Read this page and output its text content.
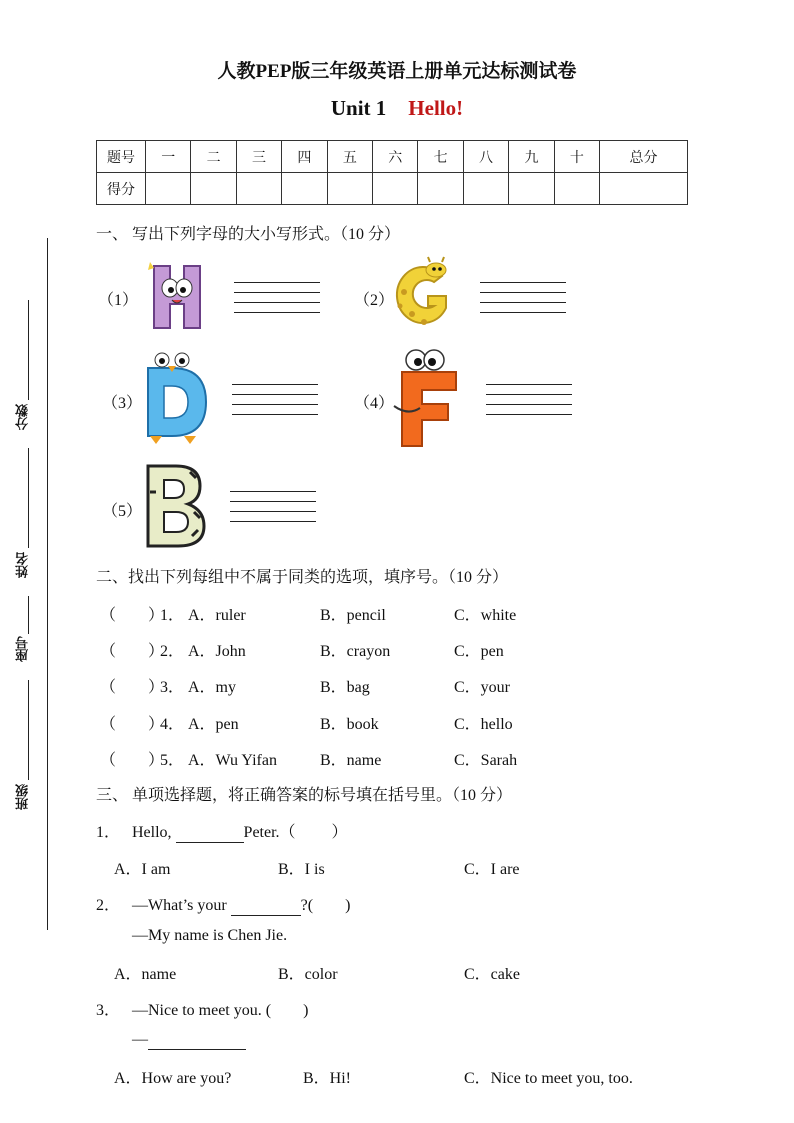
人教PEP版三年级英语上册单元达标测试卷
Unit 1 Hello!
题号	一	二	三	四	五	六	七	八	九	十	总分
得分											
分数
姓名
座号
班级
一、 写出下列字母的大小写形式。（10 分）
（1）	（2）
（3）	（4）
（5）
二、找出下列每组中不属于同类的选项，填序号。（10 分）
（　　）
1． A．ruler	B．pencil	C．white
（　　）
2． A．John	B．crayon	C．pen
（　　）
3． A．my	B．bag	C．your
（　　）
4． A．pen	B．book	C．hello
（　　）
5． A．Wu Yifan	B．name	C．Sarah
三、 单项选择题，将正确答案的标号填在括号里。（10 分）
1． Hello,	Peter.（　　 ）
A．I am	B．I is	C．I are
2． —What’s your	?(　　)
—My name is Chen Jie.
A．name	B．color	C．cake
3． —Nice to meet you. (　　)
—
A．How are you?	B．Hi!	C．Nice to meet you, too.
